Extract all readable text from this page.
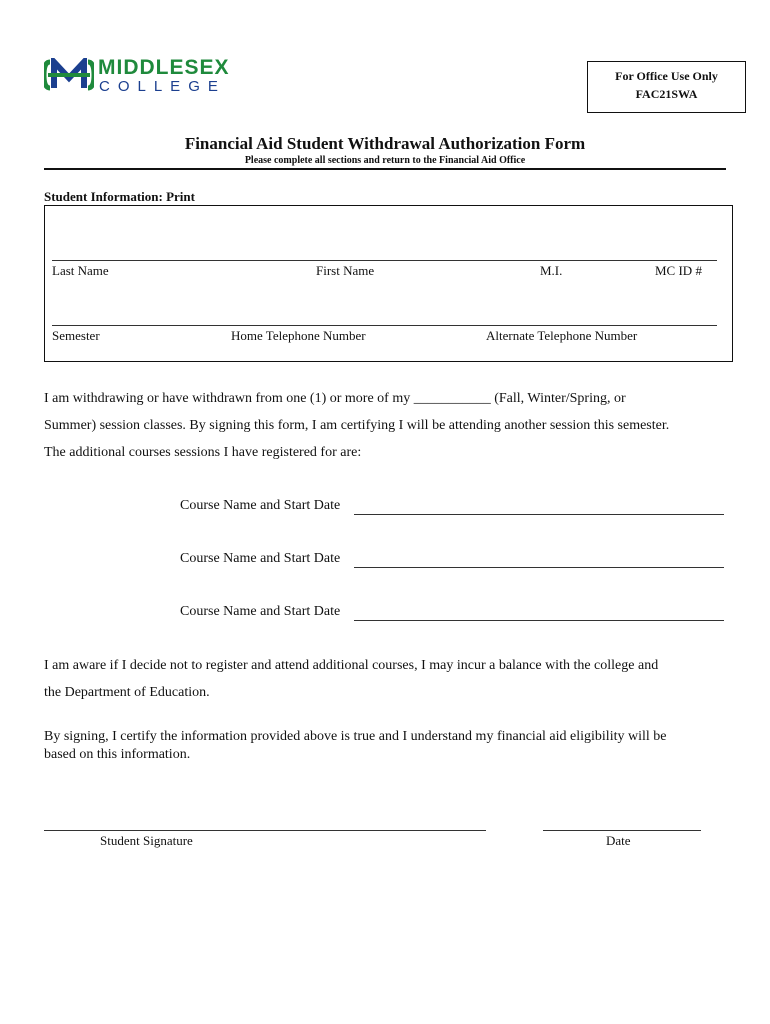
MIDDLESEX
COLLEGE
For Office Use Only
FAC21SWA
Financial Aid Student Withdrawal Authorization Form
Please complete all sections and return to the Financial Aid Office
Student Information: Print
Last Name	First Name	M.I.	MC ID #
Semester	Home Telephone Number	Alternate Telephone Number
I am withdrawing or have withdrawn from one (1) or more of my ___________ (Fall, Winter/Spring, or
Summer) session classes. By signing this form, I am certifying I will be attending another session this semester.
The additional courses sessions I have registered for are:
Course Name and Start Date
Course Name and Start Date
Course Name and Start Date
I am aware if I decide not to register and attend additional courses, I may incur a balance with the college and
the Department of Education.
By signing, I certify the information provided above is true and I understand my financial aid eligibility will be
based on this information.
Student Signature	Date
